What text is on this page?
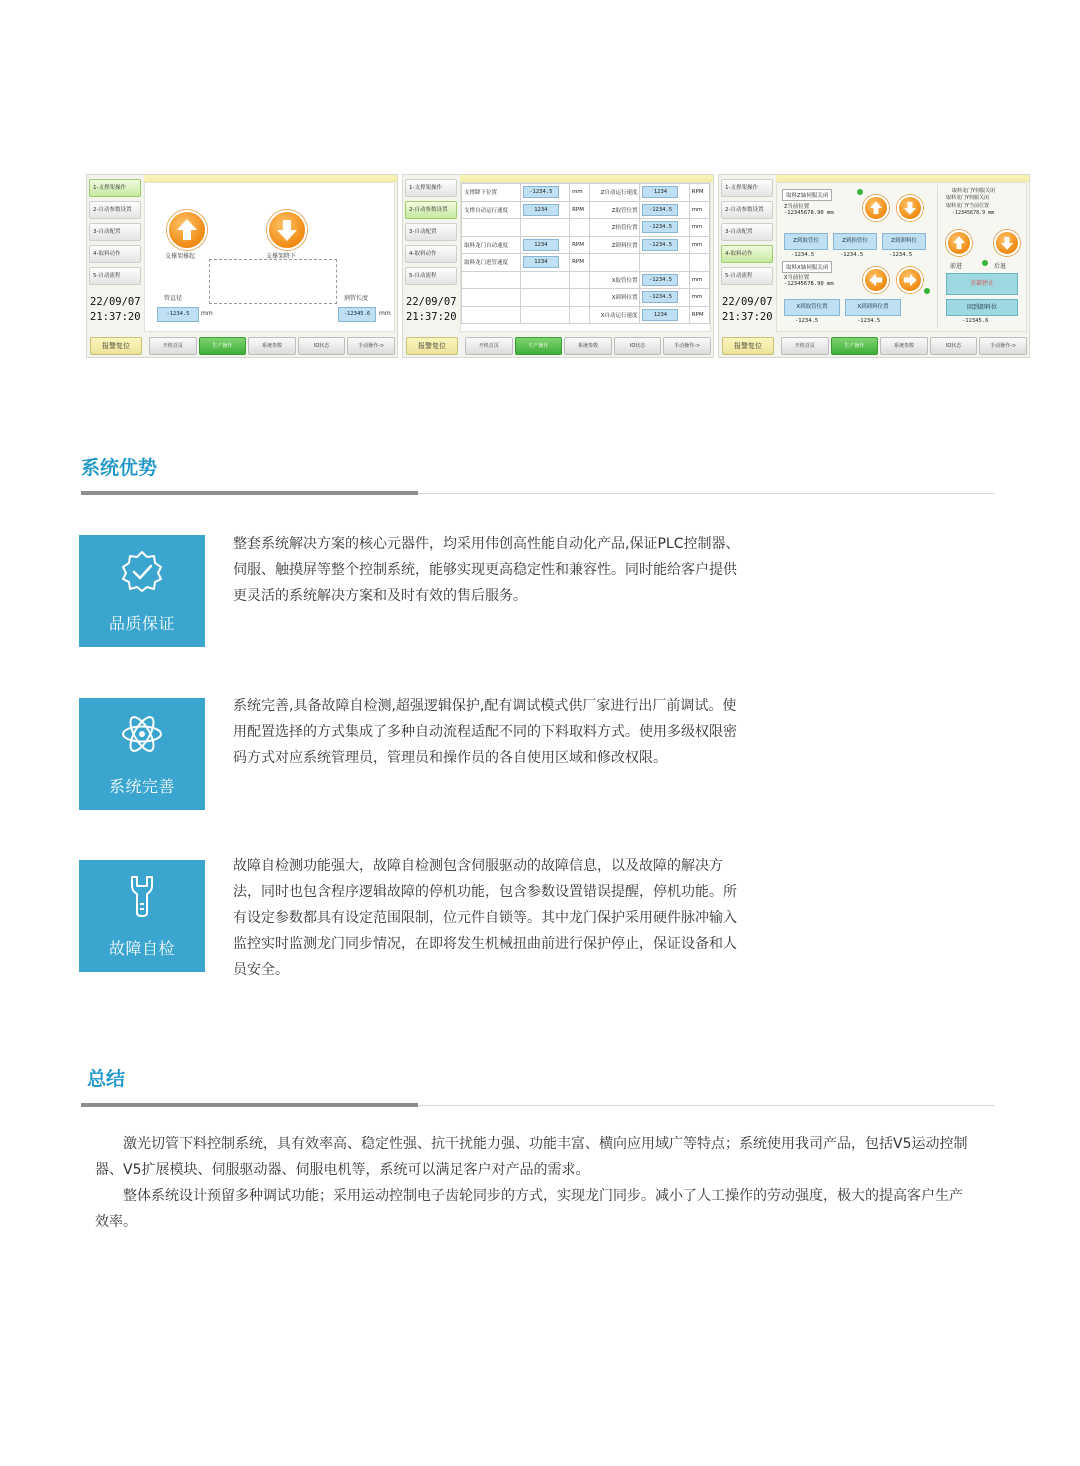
1-支撑架操作
2-自动参数设置
3-自动配置
4-取料动作
5-自动流程
支撑架撑起	支撑架降下
管直径
-1234.5	mm
割管长度
-12345.6	mm
22/09/07
21:37:20
报警复位	开机首页	生产操作	系统参数	IO状态	手动操作->
1-支撑架操作
2-自动参数设置
3-自动配置
4-取料动作
5-自动流程
支撑降下位置	-1234.5	mm	Z自动运行速度	1234	RPM
支撑自动运行速度	1234	RPM	Z取管位置	-1234.5	mm
			Z抬管位置	-1234.5	mm
取料龙门自动速度	1234	RPM	Z卸料位置	-1234.5	mm
取料龙门进管速度	1234	RPM			
			X取管位置	-1234.5	mm
			X卸料位置	-1234.5	mm
			X自动运行速度	1234	RPM
22/09/07
21:37:20
报警复位	开机首页	生产操作	系统参数	IO状态	手动操作->
1-支撑架操作
2-自动参数设置
3-自动配置
4-取料动作
5-自动流程
取料Z轴伺服关闭
Z当前位置
-12345678.90 mm
Z到取管位	Z到抬管位	Z到卸料位
-1234.5	-1234.5	-1234.5
取料X轴伺服关闭
X当前位置
-12345678.90 mm
X到取管位置	X到卸料位置
-1234.5	-1234.5
取料龙门Y伺服关闭
取料龙门Y伺服关闭
取料龙门Y当前位置
-12345678.9 mm
前进	后退
全部停止
回到卸料位
-12345.6
22/09/07
21:37:20
报警复位	开机首页	生产操作	系统参数	IO状态	手动操作->
系统优势
品质保证
整套系统解决方案的核心元器件，均采用伟创高性能自动化产品,保证PLC控制器、伺服、触摸屏等整个控制系统，能够实现更高稳定性和兼容性。同时能给客户提供更灵活的系统解决方案和及时有效的售后服务。
系统完善
系统完善,具备故障自检测,超强逻辑保护,配有调试模式供厂家进行出厂前调试。使用配置选择的方式集成了多种自动流程适配不同的下料取料方式。使用多级权限密码方式对应系统管理员，管理员和操作员的各自使用区域和修改权限。
故障自检
故障自检测功能强大，故障自检测包含伺服驱动的故障信息，以及故障的解决方法，同时也包含程序逻辑故障的停机功能，包含参数设置错误提醒，停机功能。所有设定参数都具有设定范围限制，位元件自锁等。其中龙门保护采用硬件脉冲输入监控实时监测龙门同步情况，在即将发生机械扭曲前进行保护停止，保证设备和人员安全。
总结

激光切管下料控制系统，具有效率高、稳定性强、抗干扰能力强、功能丰富、横向应用域广等特点；系统使用我司产品，包括V5运动控制器、V5扩展模块、伺服驱动器、伺服电机等，系统可以满足客户对产品的需求。

整体系统设计预留多种调试功能；采用运动控制电子齿轮同步的方式，实现龙门同步。减小了人工操作的劳动强度，极大的提高客户生产效率。
